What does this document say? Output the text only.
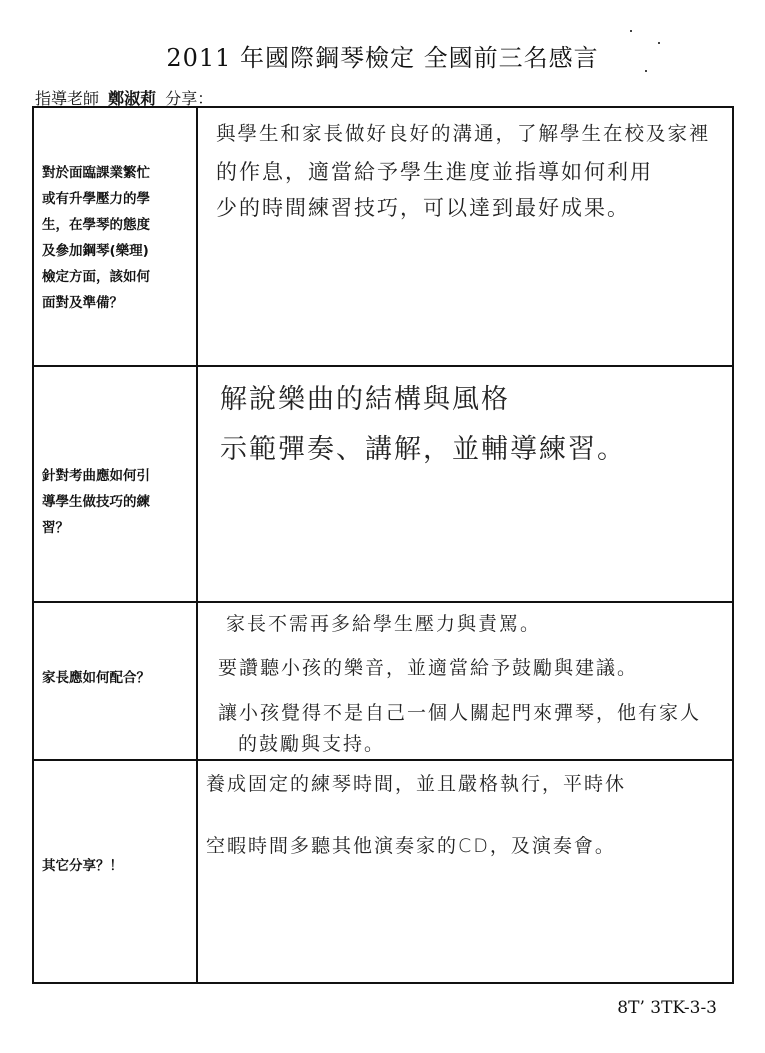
2011 年國際鋼琴檢定 全國前三名感言
指導老師 鄭淑莉 分享：
對於面臨課業繁忙
或有升學壓力的學
生，在學琴的態度
及參加鋼琴(樂理)
檢定方面，該如何
面對及準備？
與學生和家長做好良好的溝通，了解學生在校及家裡
的作息，適當給予學生進度並指導如何利用
少的時間練習技巧，可以達到最好成果。
針對考曲應如何引
導學生做技巧的練
習？
解說樂曲的結構與風格
示範彈奏、講解，並輔導練習。
家長應如何配合？
家長不需再多給學生壓力與責罵。
要讚聽小孩的樂音，並適當給予鼓勵與建議。
讓小孩覺得不是自己一個人關起門來彈琴，他有家人
的鼓勵與支持。
其它分享？！
養成固定的練琴時間，並且嚴格執行，平時休
空暇時間多聽其他演奏家的CD，及演奏會。
8T’ 3TK-3-3
